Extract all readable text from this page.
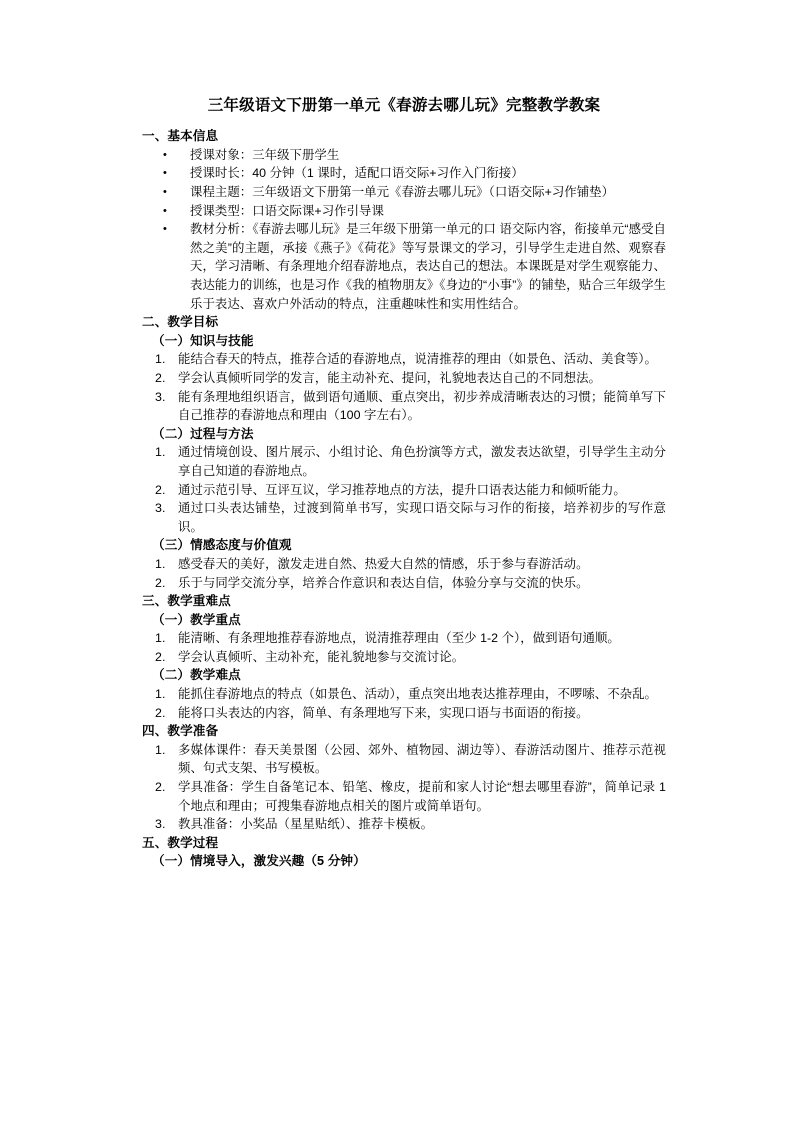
三年级语文下册第一单元《春游去哪儿玩》完整教学教案
一、基本信息
• 授课对象：三年级下册学生
• 授课时长：40 分钟（1 课时，适配口语交际+习作入门衔接）
• 课程主题：三年级语文下册第一单元《春游去哪儿玩》（口语交际+习作铺垫）
• 授课类型：口语交际课+习作引导课
• 教材分析：《春游去哪儿玩》是三年级下册第一单元的口 语交际内容，衔接单元“感受自然之美”的主题，承接《燕子》《荷花》等写景课文的学习，引导学生走进自然、观察春天，学习清晰、有条理地介绍春游地点，表达自己的想法。本课既是对学生观察能力、表达能力的训练，也是习作《我的植物朋友》《身边的“小事”》的铺垫，贴合三年级学生乐于表达、喜欢户外活动的特点，注重趣味性和实用性结合。
二、教学目标
（一）知识与技能
能结合春天的特点，推荐合适的春游地点，说清推荐的理由（如景色、活动、美食等）。
学会认真倾听同学的发言，能主动补充、提问，礼貌地表达自己的不同想法。
能有条理地组织语言，做到语句通顺、重点突出，初步养成清晰表达的习惯；能简单写下自己推荐的春游地点和理由（100 字左右）。
（二）过程与方法
通过情境创设、图片展示、小组讨论、角色扮演等方式，激发表达欲望，引导学生主动分享自己知道的春游地点。
通过示范引导、互评互议，学习推荐地点的方法，提升口语表达能力和倾听能力。
通过口头表达铺垫，过渡到简单书写，实现口语交际与习作的衔接，培养初步的写作意识。
（三）情感态度与价值观
感受春天的美好，激发走进自然、热爱大自然的情感，乐于参与春游活动。
乐于与同学交流分享，培养合作意识和表达自信，体验分享与交流的快乐。
三、教学重难点
（一）教学重点
能清晰、有条理地推荐春游地点，说清推荐理由（至少 1-2 个），做到语句通顺。
学会认真倾听、主动补充，能礼貌地参与交流讨论。
（二）教学难点
能抓住春游地点的特点（如景色、活动），重点突出地表达推荐理由，不啰嗦、不杂乱。
能将口头表达的内容，简单、有条理地写下来，实现口语与书面语的衔接。
四、教学准备
多媒体课件：春天美景图（公园、郊外、植物园、湖边等）、春游活动图片、推荐示范视频、句式支架、书写模板。
学具准备：学生自备笔记本、铅笔、橡皮，提前和家人讨论“想去哪里春游”，简单记录 1 个地点和理由；可搜集春游地点相关的图片或简单语句。
教具准备：小奖品（星星贴纸）、推荐卡模板。
五、教学过程
（一）情境导入，激发兴趣（5 分钟）
